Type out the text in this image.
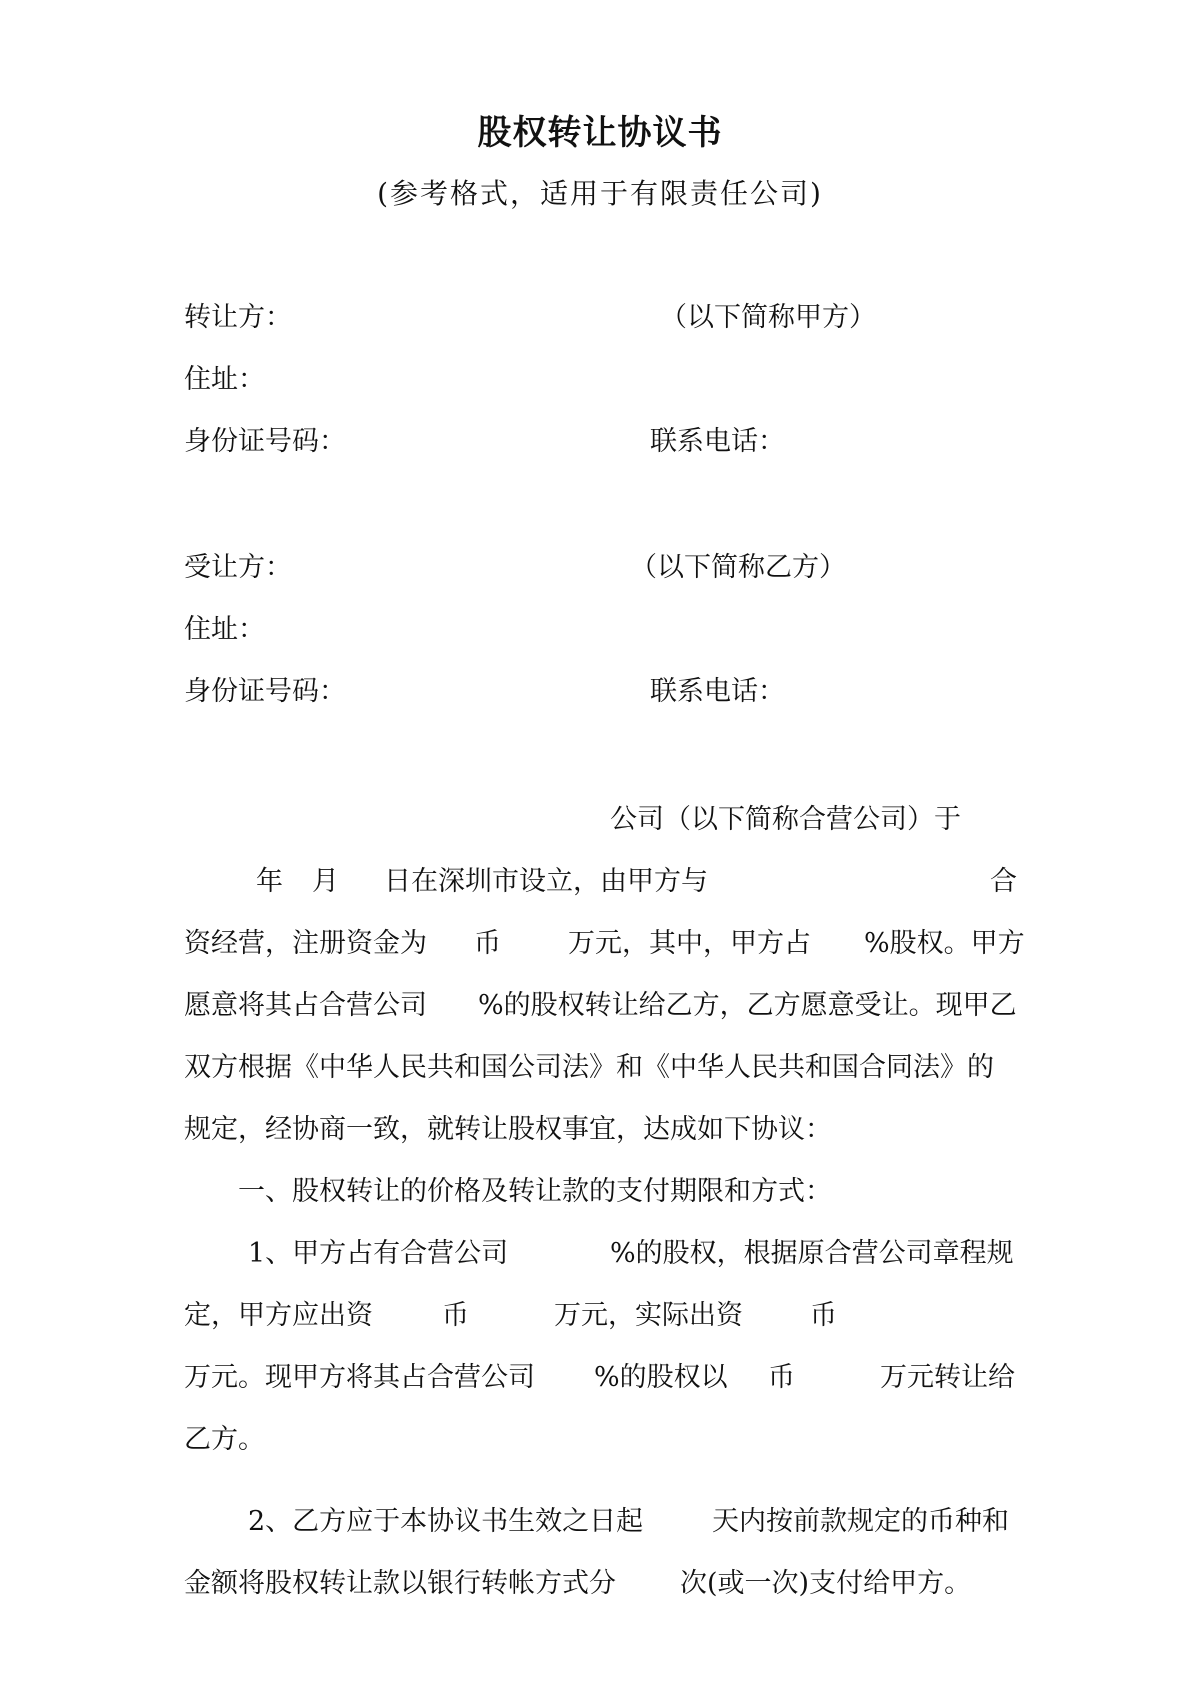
股权转让协议书
(参考格式，适用于有限责任公司)
转让方：	（以下简称甲方）
住址：
身份证号码：	联系电话：
受让方：	（以下简称乙方）
住址：
身份证号码：	联系电话：
公司（以下简称合营公司）于
年 月 日在深圳市设立，由甲方与	合
资经营，注册资金为 币 万元，其中，甲方占 %股权。甲方
愿意将其占合营公司 %的股权转让给乙方，乙方愿意受让。现甲乙
双方根据《中华人民共和国公司法》和《中华人民共和国合同法》的
规定，经协商一致，就转让股权事宜，达成如下协议：
一、股权转让的价格及转让款的支付期限和方式：
1、甲方占有合营公司	%的股权，根据原合营公司章程规
定，甲方应出资	币	万元，实际出资 币
万元。现甲方将其占合营公司 %的股权以 币	万元转让给
乙方。
2、乙方应于本协议书生效之日起	天内按前款规定的币种和
金额将股权转让款以银行转帐方式分 次(或一次)支付给甲方。
